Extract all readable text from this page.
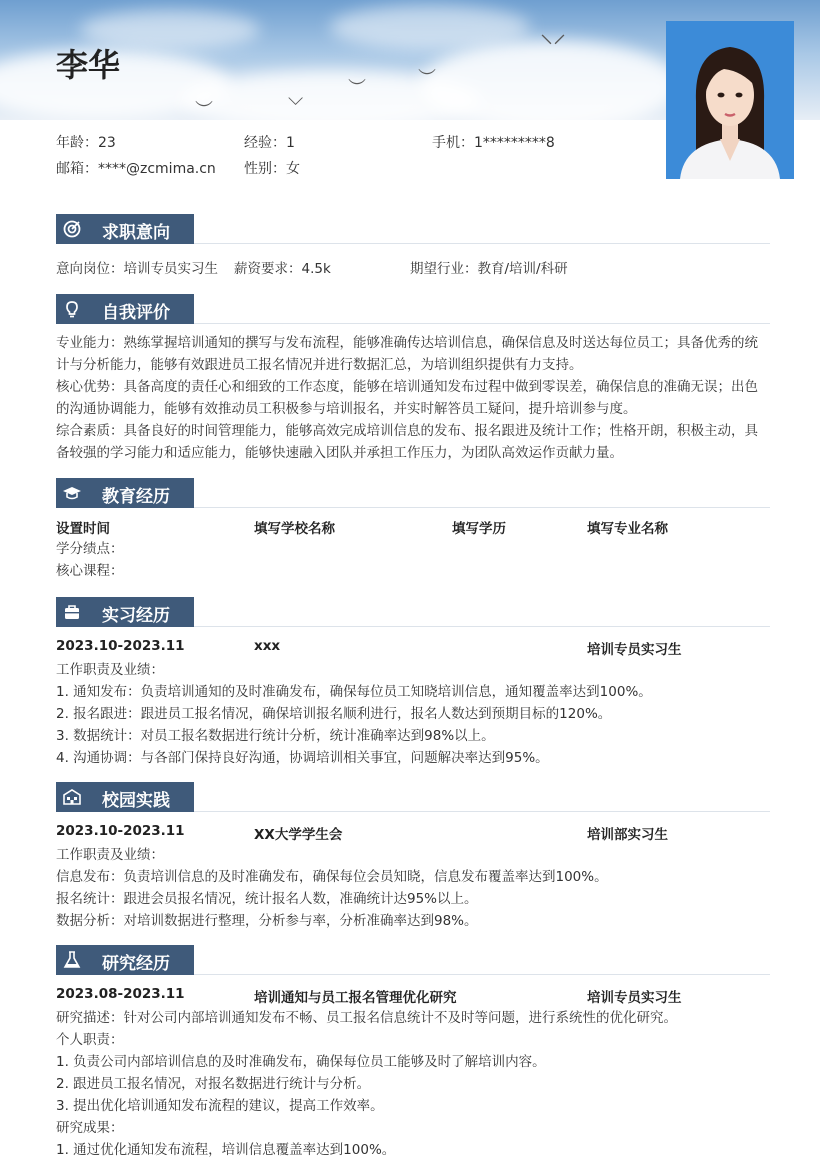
⸌⸍
︶
︶
⌵
︶
李华
年龄：23	经验：1	手机：1*********8
邮箱：****@zcmima.cn 性别：女
求职意向
意向岗位：培训专员实习生 薪资要求：4.5k	期望行业：教育/培训/科研
自我评价

专业能力：熟练掌握培训通知的撰写与发布流程，能够准确传达培训信息，确保信息及时送达每位员工；具备优秀的统计与分析能力，能够有效跟进员工报名情况并进行数据汇总，为培训组织提供有力支持。

核心优势：具备高度的责任心和细致的工作态度，能够在培训通知发布过程中做到零误差，确保信息的准确无误；出色的沟通协调能力，能够有效推动员工积极参与培训报名，并实时解答员工疑问，提升培训参与度。

综合素质：具备良好的时间管理能力，能够高效完成培训信息的发布、报名跟进及统计工作；性格开朗，积极主动，具备较强的学习能力和适应能力，能够快速融入团队并承担工作压力，为团队高效运作贡献力量。

教育经历
设置时间	填写学校名称	填写学历	填写专业名称
学分绩点：
核心课程：
实习经历
2023.10-2023.11	xxx	培训专员实习生
工作职责及业绩：
1. 通知发布：负责培训通知的及时准确发布，确保每位员工知晓培训信息，通知覆盖率达到100%。
2. 报名跟进：跟进员工报名情况，确保培训报名顺利进行，报名人数达到预期目标的120%。
3. 数据统计：对员工报名数据进行统计分析，统计准确率达到98%以上。
4. 沟通协调：与各部门保持良好沟通，协调培训相关事宜，问题解决率达到95%。
校园实践
2023.10-2023.11	XX大学学生会	培训部实习生
工作职责及业绩：
信息发布：负责培训信息的及时准确发布，确保每位会员知晓，信息发布覆盖率达到100%。
报名统计：跟进会员报名情况，统计报名人数，准确统计达95%以上。
数据分析：对培训数据进行整理，分析参与率，分析准确率达到98%。
研究经历
2023.08-2023.11	培训通知与员工报名管理优化研究	培训专员实习生
研究描述：针对公司内部培训通知发布不畅、员工报名信息统计不及时等问题，进行系统性的优化研究。
个人职责：
1. 负责公司内部培训信息的及时准确发布，确保每位员工能够及时了解培训内容。
2. 跟进员工报名情况，对报名数据进行统计与分析。
3. 提出优化培训通知发布流程的建议，提高工作效率。
研究成果：
1. 通过优化通知发布流程，培训信息覆盖率达到100%。
